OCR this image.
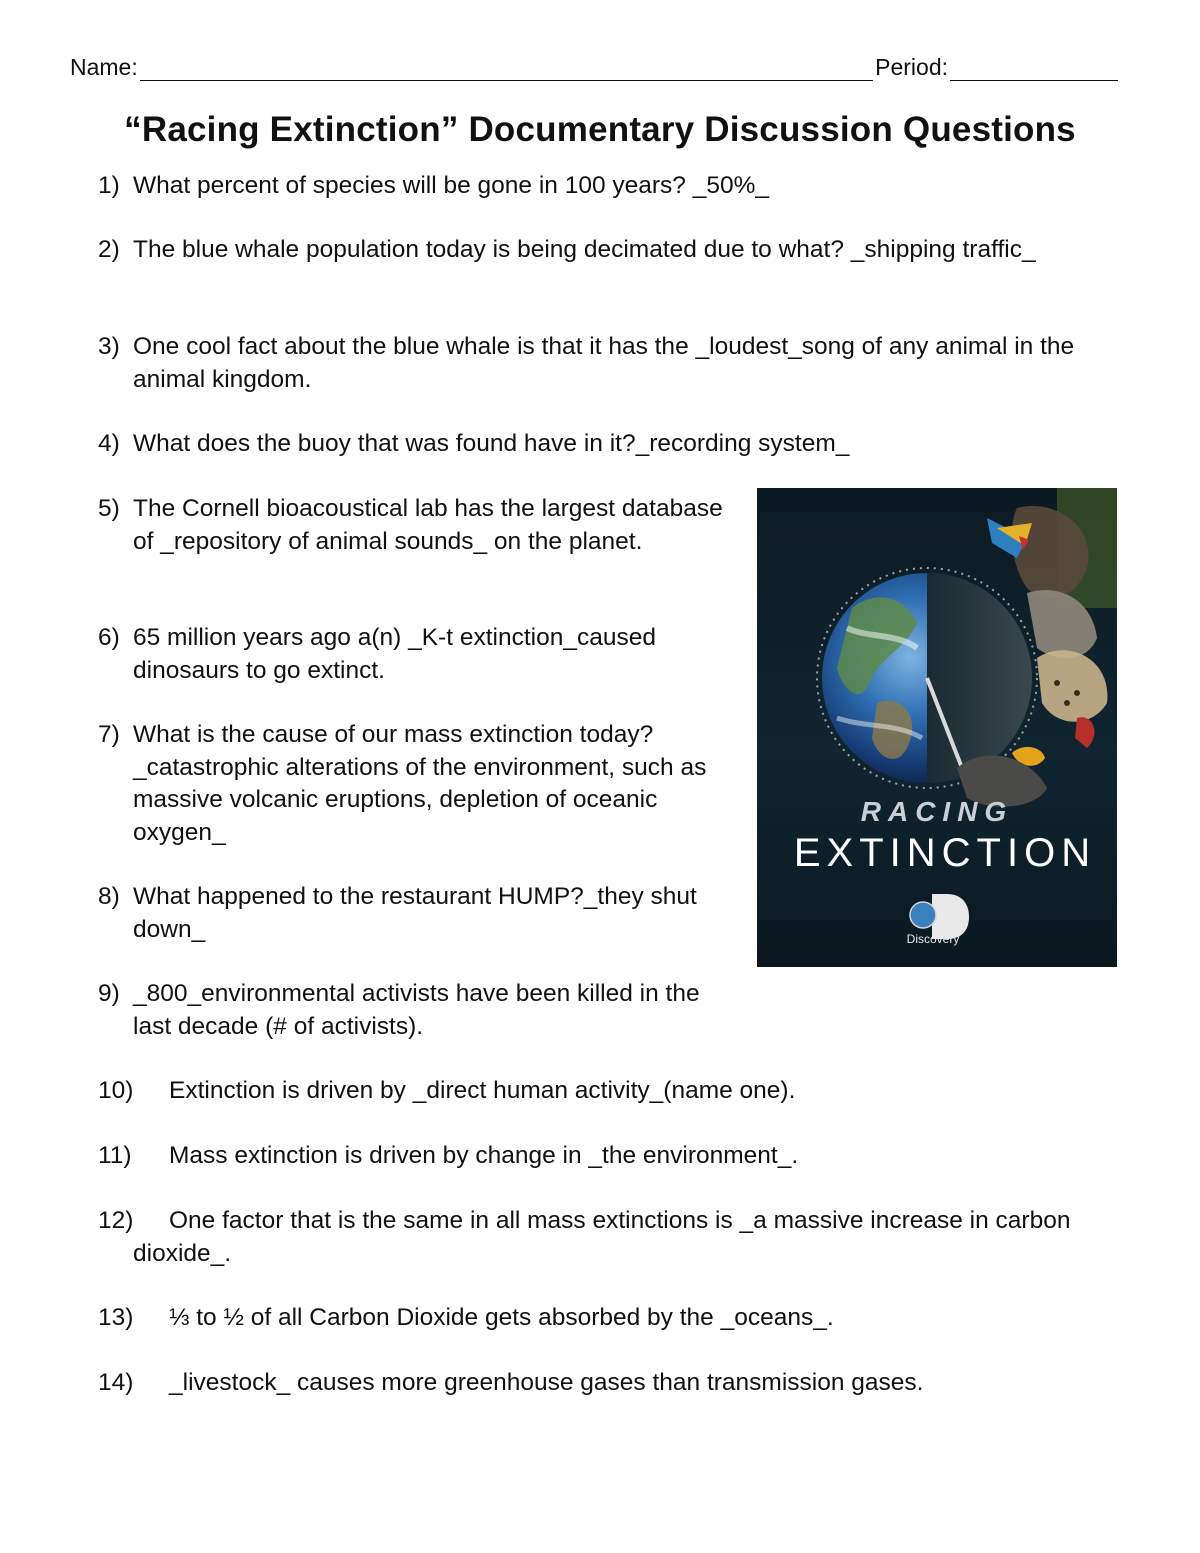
Name:	Period:
“Racing Extinction” Documentary Discussion Questions
1) What percent of species will be gone in 100 years? _50%_
2) The blue whale population today is being decimated due to what? _shipping traffic_
3) One cool fact about the blue whale is that it has the _loudest_song of any animal in the animal kingdom.
4) What does the buoy that was found have in it?_recording system_
5) The Cornell bioacoustical lab has the largest database of _repository of animal sounds_ on the planet.
6) 65 million years ago a(n) _K-t extinction_caused dinosaurs to go extinct.
7) What is the cause of our mass extinction today? _catastrophic alterations of the environment, such as massive volcanic eruptions, depletion of oceanic oxygen_
8) What happened to the restaurant HUMP?_they shut down_
9) _800_environmental activists have been killed in the last decade (# of activists).
10) Extinction is driven by _direct human activity_(name one).
11) Mass extinction is driven by change in _the environment_.
12)	One factor that is the same in all mass extinctions is _a massive increase in carbon dioxide_.
13) ⅓ to ½ of all Carbon Dioxide gets absorbed by the _oceans_.
14) _livestock_ causes more greenhouse gases than transmission gases.
RACING
EXTINCTION
Discovery
